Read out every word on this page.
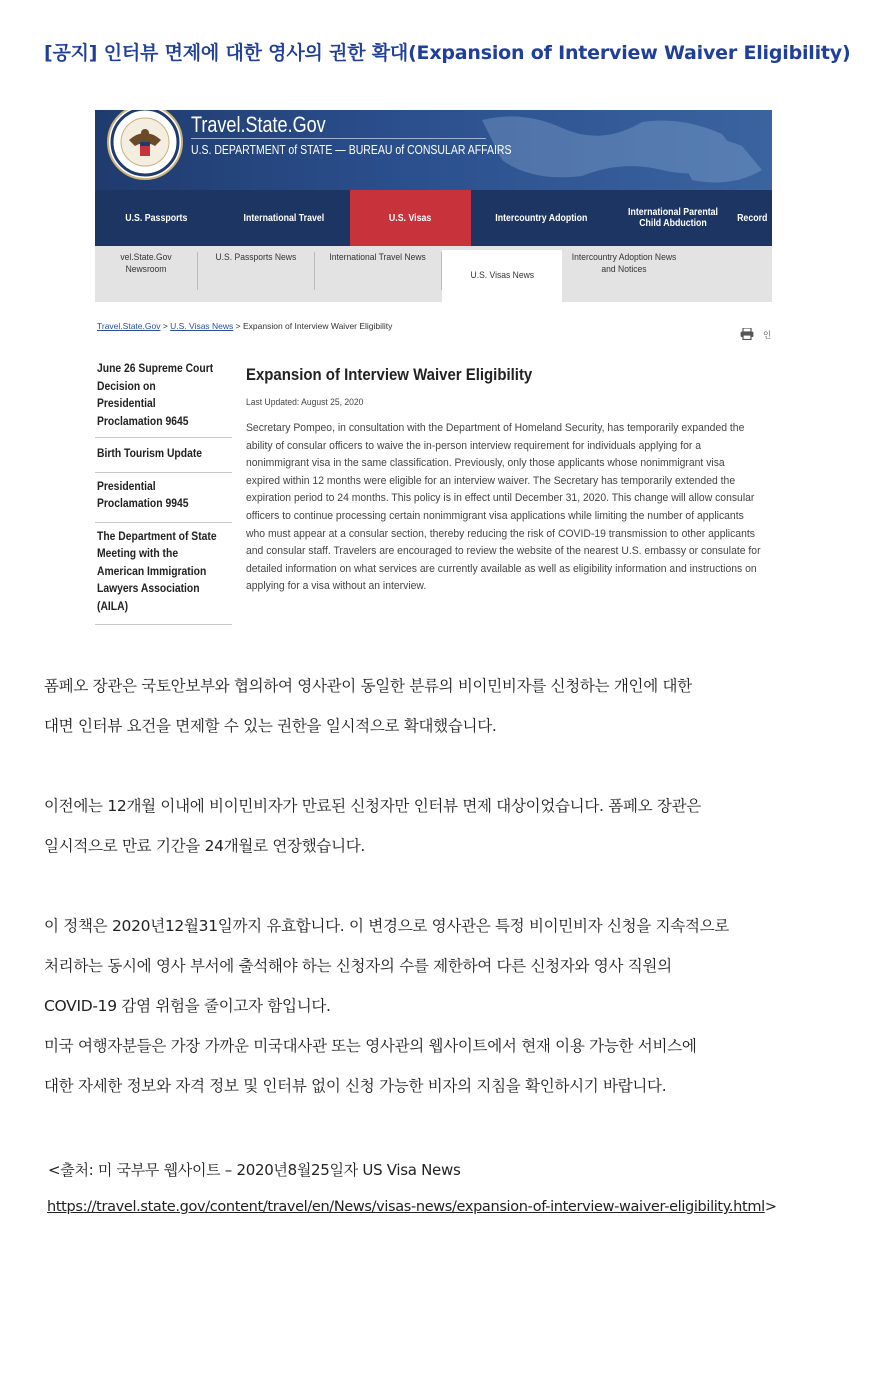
[공지] 인터뷰 면제에 대한 영사의 권한 확대(Expansion of Interview Waiver Eligibility)
Travel.State.Gov
U.S. DEPARTMENT of STATE — BUREAU of CONSULAR AFFAIRS
U.S. Passports	International Travel	U.S. Visas	Intercountry Adoption	International Parental Child Abduction	Record
vel.State.Gov Newsroom
U.S. Passports News	International Travel News
U.S. Visas News
Intercountry Adoption News and Notices
Travel.State.Gov > U.S. Visas News > Expansion of Interview Waiver Eligibility
인
June 26 Supreme Court Decision on Presidential Proclamation 9645
Birth Tourism Update
Presidential Proclamation 9945
The Department of State Meeting with the American Immigration Lawyers Association (AILA)
Expansion of Interview Waiver Eligibility
Last Updated: August 25, 2020
Secretary Pompeo, in consultation with the Department of Homeland Security, has temporarily expanded the ability of consular officers to waive the in-person interview requirement for individuals applying for a nonimmigrant visa in the same classification. Previously, only those applicants whose nonimmigrant visa expired within 12 months were eligible for an interview waiver. The Secretary has temporarily extended the expiration period to 24 months. This policy is in effect until December 31, 2020. This change will allow consular officers to continue processing certain nonimmigrant visa applications while limiting the number of applicants who must appear at a consular section, thereby reducing the risk of COVID-19 transmission to other applicants and consular staff. Travelers are encouraged to review the website of the nearest U.S. embassy or consulate for detailed information on what services are currently available as well as eligibility information and instructions on applying for a visa without an interview.
폼페오 장관은 국토안보부와 협의하여 영사관이 동일한 분류의 비이민비자를 신청하는 개인에 대한
대면 인터뷰 요건을 면제할 수 있는 권한을 일시적으로 확대했습니다.
이전에는 12개월 이내에 비이민비자가 만료된 신청자만 인터뷰 면제 대상이었습니다. 폼페오 장관은
일시적으로 만료 기간을 24개월로 연장했습니다.
이 정책은 2020년12월31일까지 유효합니다. 이 변경으로 영사관은 특정 비이민비자 신청을 지속적으로
처리하는 동시에 영사 부서에 출석해야 하는 신청자의 수를 제한하여 다른 신청자와 영사 직원의
COVID-19 감염 위험을 줄이고자 함입니다.
미국 여행자분들은 가장 가까운 미국대사관 또는 영사관의 웹사이트에서 현재 이용 가능한 서비스에
대한 자세한 정보와 자격 정보 및 인터뷰 없이 신청 가능한 비자의 지침을 확인하시기 바랍니다.
<출처: 미 국부무 웹사이트 – 2020년8월25일자 US Visa News
https://travel.state.gov/content/travel/en/News/visas-news/expansion-of-interview-waiver-eligibility.html>
